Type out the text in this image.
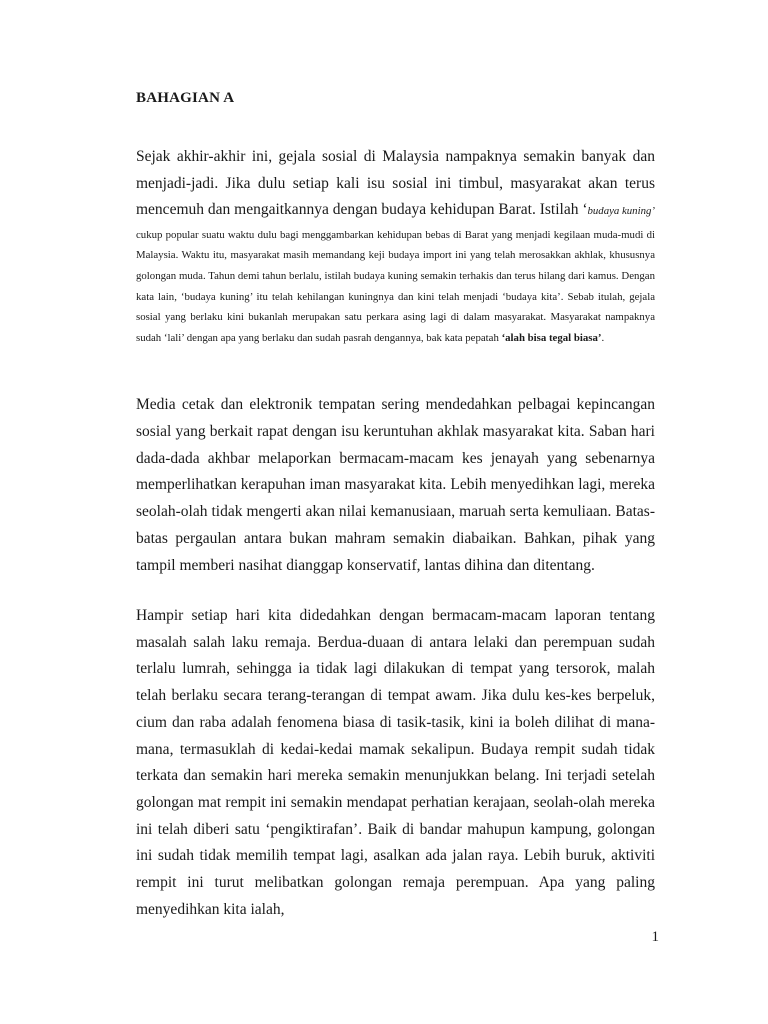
BAHAGIAN A
Sejak akhir-akhir ini, gejala sosial di Malaysia nampaknya semakin banyak dan menjadi-jadi. Jika dulu setiap kali isu sosial ini timbul, masyarakat akan terus mencemuh dan mengaitkannya dengan budaya kehidupan Barat. Istilah ‘budaya kuning’
cukup popular suatu waktu dulu bagi menggambarkan kehidupan bebas di Barat yang menjadi kegilaan muda-mudi di Malaysia. Waktu itu, masyarakat masih memandang keji budaya import ini yang telah merosakkan akhlak, khususnya golongan muda. Tahun demi tahun berlalu, istilah budaya kuning semakin terhakis dan terus hilang dari kamus. Dengan kata lain, ‘budaya kuning’ itu telah kehilangan kuningnya dan kini telah menjadi ‘budaya kita’. Sebab itulah, gejala sosial yang berlaku kini bukanlah merupakan satu perkara asing lagi di dalam masyarakat. Masyarakat nampaknya sudah ‘lali’ dengan apa yang berlaku dan sudah pasrah dengannya, bak kata pepatah ‘alah bisa tegal biasa’.
Media cetak dan elektronik tempatan sering mendedahkan pelbagai kepincangan sosial yang berkait rapat dengan isu keruntuhan akhlak masyarakat kita. Saban hari dada-dada akhbar melaporkan bermacam-macam kes jenayah yang sebenarnya memperlihatkan kerapuhan iman masyarakat kita. Lebih menyedihkan lagi, mereka seolah-olah tidak mengerti akan nilai kemanusiaan, maruah serta kemuliaan. Batas-batas pergaulan antara bukan mahram semakin diabaikan. Bahkan, pihak yang tampil memberi nasihat dianggap konservatif, lantas dihina dan ditentang.
Hampir setiap hari kita didedahkan dengan bermacam-macam laporan tentang masalah salah laku remaja. Berdua-duaan di antara lelaki dan perempuan sudah terlalu lumrah, sehingga ia tidak lagi dilakukan di tempat yang tersorok, malah telah berlaku secara terang-terangan di tempat awam. Jika dulu kes-kes berpeluk, cium dan raba adalah fenomena biasa di tasik-tasik, kini ia boleh dilihat di mana-mana, termasuklah di kedai-kedai mamak sekalipun. Budaya rempit sudah tidak terkata dan semakin hari mereka semakin menunjukkan belang. Ini terjadi setelah golongan mat rempit ini semakin mendapat perhatian kerajaan, seolah-olah mereka ini telah diberi satu ‘pengiktirafan’. Baik di bandar mahupun kampung, golongan ini sudah tidak memilih tempat lagi, asalkan ada jalan raya. Lebih buruk, aktiviti rempit ini turut melibatkan golongan remaja perempuan. Apa yang paling menyedihkan kita ialah,
1
